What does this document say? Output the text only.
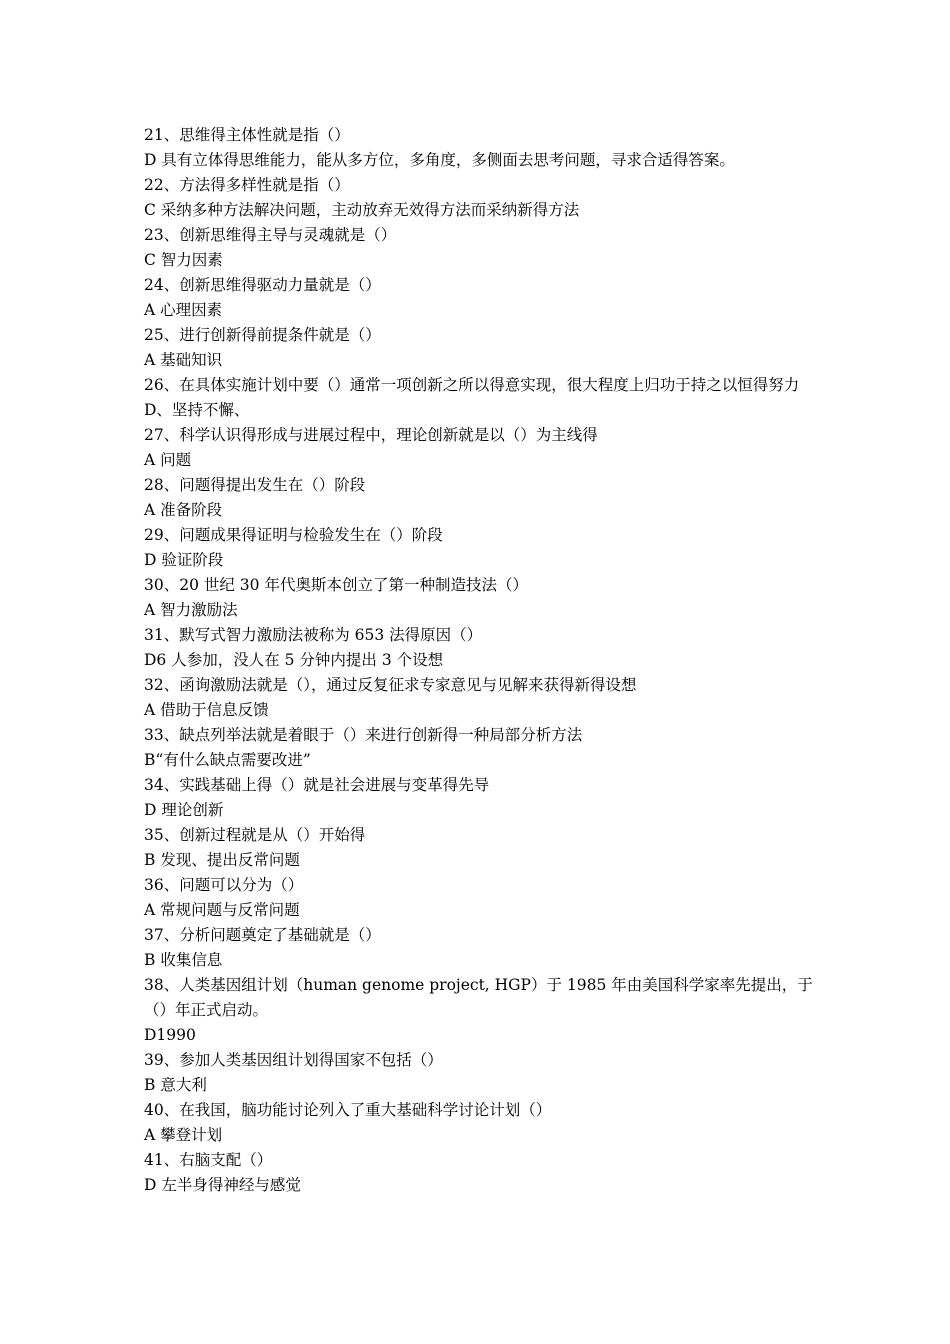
21、思维得主体性就是指（）

D 具有立体得思维能力，能从多方位，多角度，多侧面去思考问题，寻求合适得答案。

22、方法得多样性就是指（）

C 采纳多种方法解决问题，主动放弃无效得方法而采纳新得方法

23、创新思维得主导与灵魂就是（）

C 智力因素

24、创新思维得驱动力量就是（）

A 心理因素

25、进行创新得前提条件就是（）

A 基础知识

26、在具体实施计划中要（）通常一项创新之所以得意实现，很大程度上归功于持之以恒得努力

D、坚持不懈、

27、科学认识得形成与进展过程中，理论创新就是以（）为主线得

A 问题

28、问题得提出发生在（）阶段

A 准备阶段

29、问题成果得证明与检验发生在（）阶段

D 验证阶段

30、20 世纪 30 年代奥斯本创立了第一种制造技法（）

A 智力激励法

31、默写式智力激励法被称为 653 法得原因（）

D6 人参加，没人在 5 分钟内提出 3 个设想

32、函询激励法就是（），通过反复征求专家意见与见解来获得新得设想

A 借助于信息反馈

33、缺点列举法就是着眼于（）来进行创新得一种局部分析方法

B“有什么缺点需要改进”

34、实践基础上得（）就是社会进展与变革得先导

D 理论创新

35、创新过程就是从（）开始得

B 发现、提出反常问题

36、问题可以分为（）

A 常规问题与反常问题

37、分析问题奠定了基础就是（）

B 收集信息

38、人类基因组计划（human genome project, HGP）于 1985 年由美国科学家率先提出，于（）年正式启动。

D1990

39、参加人类基因组计划得国家不包括（）

B 意大利

40、在我国，脑功能讨论列入了重大基础科学讨论计划（）

A 攀登计划

41、右脑支配（）

D 左半身得神经与感觉
